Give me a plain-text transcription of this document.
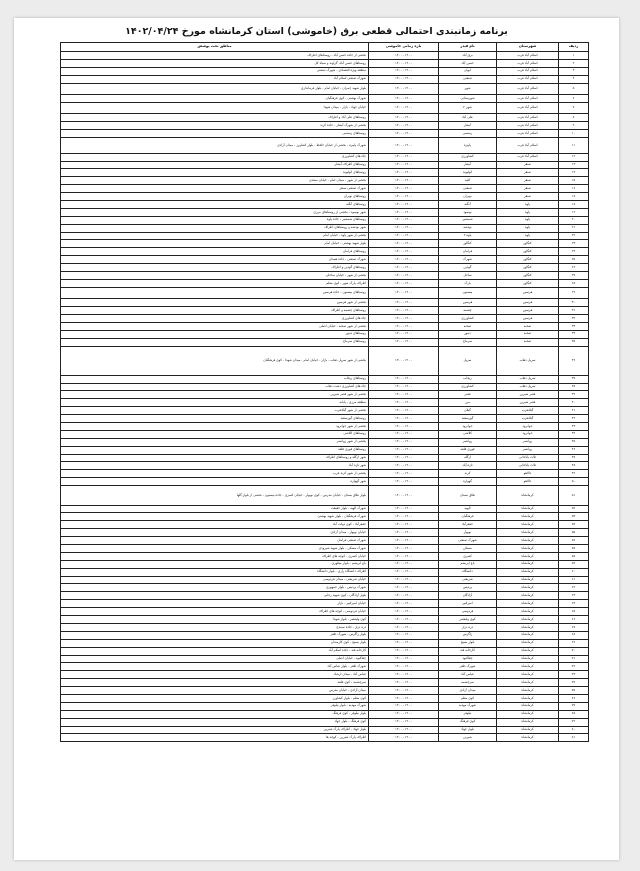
برنامه زمانبندی احتمالی قطعی برق (خاموشی) استان کرمانشاه مورخ ۱۴۰۲/۰۴/۲۴
ردیف	شهرستان	نام فیدر	بازه زمانی خاموشی	مناطق تحت پوشش
۱	اسلام آباد غرب	برق آباد	۱۴۰۰-۱۲۰۰	بخشی از جاده حسن آباد - روستاهای اطراف
۲	اسلام آباد غرب	حسن آباد	۱۴۰۰-۱۲۰۰	روستاهای حسن آباد، گراوند و سیاه کل
۳	اسلام آباد غرب	ایوان	۱۴۰۰-۱۲۰۰	منطقه ویژه اقتصادی - شهرک صنعتی
۴	اسلام آباد غرب	صنعتی	۱۴۰۰-۱۲۰۰	شهرک صنعتی اسلام آباد
۵	اسلام آباد غرب	شهر	۱۴۰۰-۱۲۰۰	بلوار شهید چمران - خیابان امام - بلوار فرمانداری
۶	اسلام آباد غرب	شهرستانی	۱۴۰۰-۱۲۰۰	شهرک بهشتی - کوی فرهنگیان
۷	اسلام آباد غرب	شهر ۲	۱۴۰۰-۱۲۰۰	خیابان جهاد - بازار - میدان شهدا
۸	اسلام آباد غرب	علی آباد	۱۴۰۰-۱۲۰۰	روستاهای علی آباد و اطراف
۹	اسلام آباد غرب	آبشار	۱۴۰۰-۱۲۰۰	بخشی از شهرک آبشار - جاده کرند
۱۰	اسلام آباد غرب	رستمی	۱۴۰۰-۱۲۰۰	روستاهای رستمی
۱۱	اسلام آباد غرب	پاییزه	۱۴۰۰-۱۲۰۰	شهرک پاییزه - بخشی از خیابان حافظ - بلوار کشاورز - میدان آزادی
۱۲	اسلام آباد غرب	کشاورزی	۱۴۰۰-۱۲۰۰	چاه های کشاورزی
۱۳	سنقر	آبشار	۱۴۰۰-۱۲۰۰	روستاهای اطراف آبشار
۱۴	سنقر	کولیوند	۱۴۰۰-۱۲۰۰	روستاهای کولیوند
۱۵	سنقر	کلیه	۱۴۰۰-۱۲۰۰	بخشی از شهر - میدان امام - خیابان سعدی
۱۶	سنقر	صنعتی	۱۴۰۰-۱۲۰۰	شهرک صنعتی سنقر
۱۷	سنقر	نویران	۱۴۰۰-۱۲۰۰	روستاهای نویران
۱۸	پاوه	آنگنه	۱۴۰۰-۱۲۰۰	روستاهای آنگنه
۱۹	پاوه	نوسود	۱۴۰۰-۱۲۰۰	شهر نوسود - بخشی از روستاهای مرزی
۲۰	پاوه	شمشیر	۱۴۰۰-۱۲۰۰	روستاهای شمشیر - جاده پاوه
۲۱	پاوه	نودشه	۱۴۰۰-۱۲۰۰	شهر نودشه و روستاهای اطراف
۲۲	پاوه	پاوه ۲	۱۴۰۰-۱۲۰۰	بخشی از شهر پاوه - خیابان امام
۲۳	کنگاور	کنگاور	۱۴۰۰-۱۲۰۰	بلوار شهید بهشتی - خیابان امام
۲۴	کنگاور	فرامان	۱۴۰۰-۱۲۰۰	روستاهای فرامان
۲۵	کنگاور	شهرک	۱۴۰۰-۱۲۰۰	شهرک صنعتی - جاده همدان
۲۶	کنگاور	گودین	۱۴۰۰-۱۲۰۰	روستاهای گودین و اطراف
۲۷	کنگاور	ساحل	۱۴۰۰-۱۲۰۰	بخشی از شهر - خیابان ساحلی
۲۸	کنگاور	پارک	۱۴۰۰-۱۲۰۰	اطراف پارک شهر - کوی معلم
۲۹	هرسین	بیستون	۱۴۰۰-۱۲۰۰	روستاهای بیستون - جاده هرسین
۳۰	هرسین	هرسین	۱۴۰۰-۱۲۰۰	بخشی از شهر هرسین
۳۱	هرسین	چشمه	۱۴۰۰-۱۲۰۰	روستاهای چشمه و اطراف
۳۲	هرسین	کشاورزی	۱۴۰۰-۱۲۰۰	چاه های کشاورزی
۳۳	صحنه	صحنه	۱۴۰۰-۱۲۰۰	بخشی از شهر صحنه - خیابان اصلی
۳۴	صحنه	دینور	۱۴۰۰-۱۲۰۰	روستاهای دینور
۳۵	صحنه	سرماج	۱۴۰۰-۱۲۰۰	روستاهای سرماج
۳۶	سرپل ذهاب	سرپل	۱۴۰۰-۱۲۰۰	بخشی از شهر سرپل ذهاب - بازار - خیابان امام - میدان شهدا - کوی فرهنگیان
۳۷	سرپل ذهاب	ریجاب	۱۴۰۰-۱۲۰۰	روستاهای ریجاب
۳۸	سرپل ذهاب	کشاورزی	۱۴۰۰-۱۲۰۰	چاه های کشاورزی دشت ذهاب
۳۹	قصر شیرین	قصر	۱۴۰۰-۱۲۰۰	بخشی از شهر قصر شیرین
۴۰	قصر شیرین	مرز	۱۴۰۰-۱۲۰۰	منطقه مرزی - پایانه
۴۱	گیلانغرب	گیلان	۱۴۰۰-۱۲۰۰	بخشی از شهر گیلانغرب
۴۲	گیلانغرب	گورسفید	۱۴۰۰-۱۲۰۰	روستاهای گورسفید
۴۳	جوانرود	جوانرود	۱۴۰۰-۱۲۰۰	بخشی از شهر جوانرود
۴۴	جوانرود	کلاشی	۱۴۰۰-۱۲۰۰	روستاهای کلاشی
۴۵	روانسر	روانسر	۱۴۰۰-۱۲۰۰	بخشی از شهر روانسر
۴۶	روانسر	قوری قلعه	۱۴۰۰-۱۲۰۰	روستاهای قوری قلعه
۴۷	ثلاث باباجانی	ازگله	۱۴۰۰-۱۲۰۰	شهر ازگله و روستاهای اطراف
۴۸	ثلاث باباجانی	تازه آباد	۱۴۰۰-۱۲۰۰	شهر تازه آباد
۴۹	دالاهو	کرند	۱۴۰۰-۱۲۰۰	بخشی از شهر کرند غرب
۵۰	دالاهو	گهواره	۱۴۰۰-۱۲۰۰	شهر گهواره
۵۱	کرمانشاه	طاق بستان	۱۴۰۰-۱۲۰۰	بلوار طاق بستان - خیابان مدرس - کوی نوبهار - خیابان کسری - جاده بیستون - بخشی از بلوار گلها
۵۲	کرمانشاه	الهیه	۱۴۰۰-۱۲۰۰	شهرک الهیه - بلوار حقیقت
۵۳	کرمانشاه	فرهنگیان	۱۴۰۰-۱۲۰۰	شهرک فرهنگیان - بلوار شهید بهشتی
۵۴	کرمانشاه	جعفرآباد	۱۴۰۰-۱۲۰۰	جعفرآباد - کوی دولت آباد
۵۵	کرمانشاه	نوبهار	۱۴۰۰-۱۲۰۰	خیابان نوبهار - میدان آزادی
۵۶	کرمانشاه	شهرک صنعتی	۱۴۰۰-۱۲۰۰	شهرک صنعتی فرامان
۵۷	کرمانشاه	مسکن	۱۴۰۰-۱۲۰۰	شهرک مسکن - بلوار شهید شیرودی
۵۸	کرمانشاه	کسری	۱۴۰۰-۱۲۰۰	خیابان کسری - کوچه های اطراف
۵۹	کرمانشاه	باغ ابریشم	۱۴۰۰-۱۲۰۰	باغ ابریشم - بلوار مطهری
۶۰	کرمانشاه	دانشگاه	۱۴۰۰-۱۲۰۰	اطراف دانشگاه رازی - بلوار دانشگاه
۶۱	کرمانشاه	شریعتی	۱۴۰۰-۱۲۰۰	خیابان شریعتی - میدان فردوسی
۶۲	کرمانشاه	پردیس	۱۴۰۰-۱۲۰۰	شهرک پردیس - بلوار جمهوری
۶۳	کرمانشاه	آزادگان	۱۴۰۰-۱۲۰۰	بلوار آزادگان - کوی شهید رجایی
۶۴	کرمانشاه	امیرکبیر	۱۴۰۰-۱۲۰۰	خیابان امیرکبیر - بازار
۶۵	کرمانشاه	فردوسی	۱۴۰۰-۱۲۰۰	خیابان فردوسی - کوچه های اطراف
۶۶	کرمانشاه	کوی ولیعصر	۱۴۰۰-۱۲۰۰	کوی ولیعصر - بلوار شهدا
۶۷	کرمانشاه	دره دراز	۱۴۰۰-۱۲۰۰	دره دراز - جاده سنندج
۶۸	کرمانشاه	زاگرس	۱۴۰۰-۱۲۰۰	بلوار زاگرس - شهرک ظفر
۶۹	کرمانشاه	بلوار بسیج	۱۴۰۰-۱۲۰۰	بلوار بسیج - کوی کارمندان
۷۰	کرمانشاه	کارخانه قند	۱۴۰۰-۱۲۰۰	کارخانه قند - جاده اسلام آباد
۷۱	کرمانشاه	چقاکبود	۱۴۰۰-۱۲۰۰	چقاکبود - خیابان اصلی
۷۲	کرمانشاه	شهرک ظفر	۱۴۰۰-۱۲۰۰	شهرک ظفر - بلوار عباس آباد
۷۳	کرمانشاه	عباس آباد	۱۴۰۰-۱۲۰۰	عباس آباد - میدان ارشاد
۷۴	کرمانشاه	سرچشمه	۱۴۰۰-۱۲۰۰	سرچشمه - کوی قلعه
۷۵	کرمانشاه	میدان آزادی	۱۴۰۰-۱۲۰۰	میدان آزادی - خیابان مدرس
۷۶	کرمانشاه	کوی معلم	۱۴۰۰-۱۲۰۰	کوی معلم - بلوار کشاورز
۷۷	کرمانشاه	شهرک مهدیه	۱۴۰۰-۱۲۰۰	شهرک مهدیه - بلوار نیلوفر
۷۸	کرمانشاه	نیلوفر	۱۴۰۰-۱۲۰۰	بلوار نیلوفر - کوی فرهنگ
۷۹	کرمانشاه	کوی فرهنگ	۱۴۰۰-۱۲۰۰	کوی فرهنگ - بلوار جهاد
۸۰	کرمانشاه	بلوار جهاد	۱۴۰۰-۱۲۰۰	بلوار جهاد - اطراف پارک شیرین
۸۱	کرمانشاه	شیرین	۱۴۰۰-۱۲۰۰	اطراف پارک شیرین - کوچه ها
